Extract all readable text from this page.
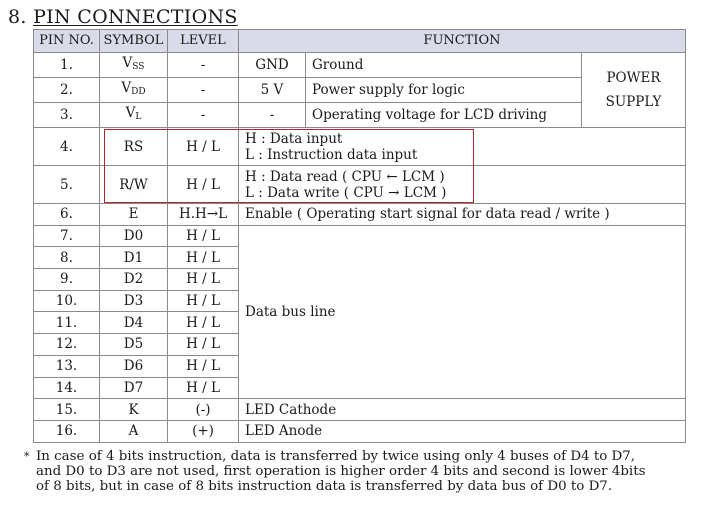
8. PIN CONNECTIONS
PIN NO.	SYMBOL	LEVEL	FUNCTION		
1.	$V_{SS}$	-	GND	Ground	POWER
SUPPLY
2.	$V_{DD}$	-	5 V	Power supply for logic	
3.	$V_L$	-	-	Operating voltage for LCD driving	
4.	RS	H / L	H : Data input
L : Instruction data input		
5.	R/W	H / L	H : Data read ( CPU ← LCM )
L : Data write ( CPU → LCM )		
6.	E	H.H→L	Enable ( Operating start signal for data read / write )		
7.	D0	H / L	Data bus line		
8.	D1	H / L			
9.	D2	H / L			
10.	D3	H / L			
11.	D4	H / L			
12.	D5	H / L			
13.	D6	H / L			
14.	D7	H / L			
15.	K	(-)	LED Cathode		
16.	A	(+)	LED Anode		
* In case of 4 bits instruction, data is transferred by twice using only 4 buses of D4 to D7,
and D0 to D3 are not used, first operation is higher order 4 bits and second is lower 4bits
of 8 bits, but in case of 8 bits instruction data is transferred by data bus of D0 to D7.
